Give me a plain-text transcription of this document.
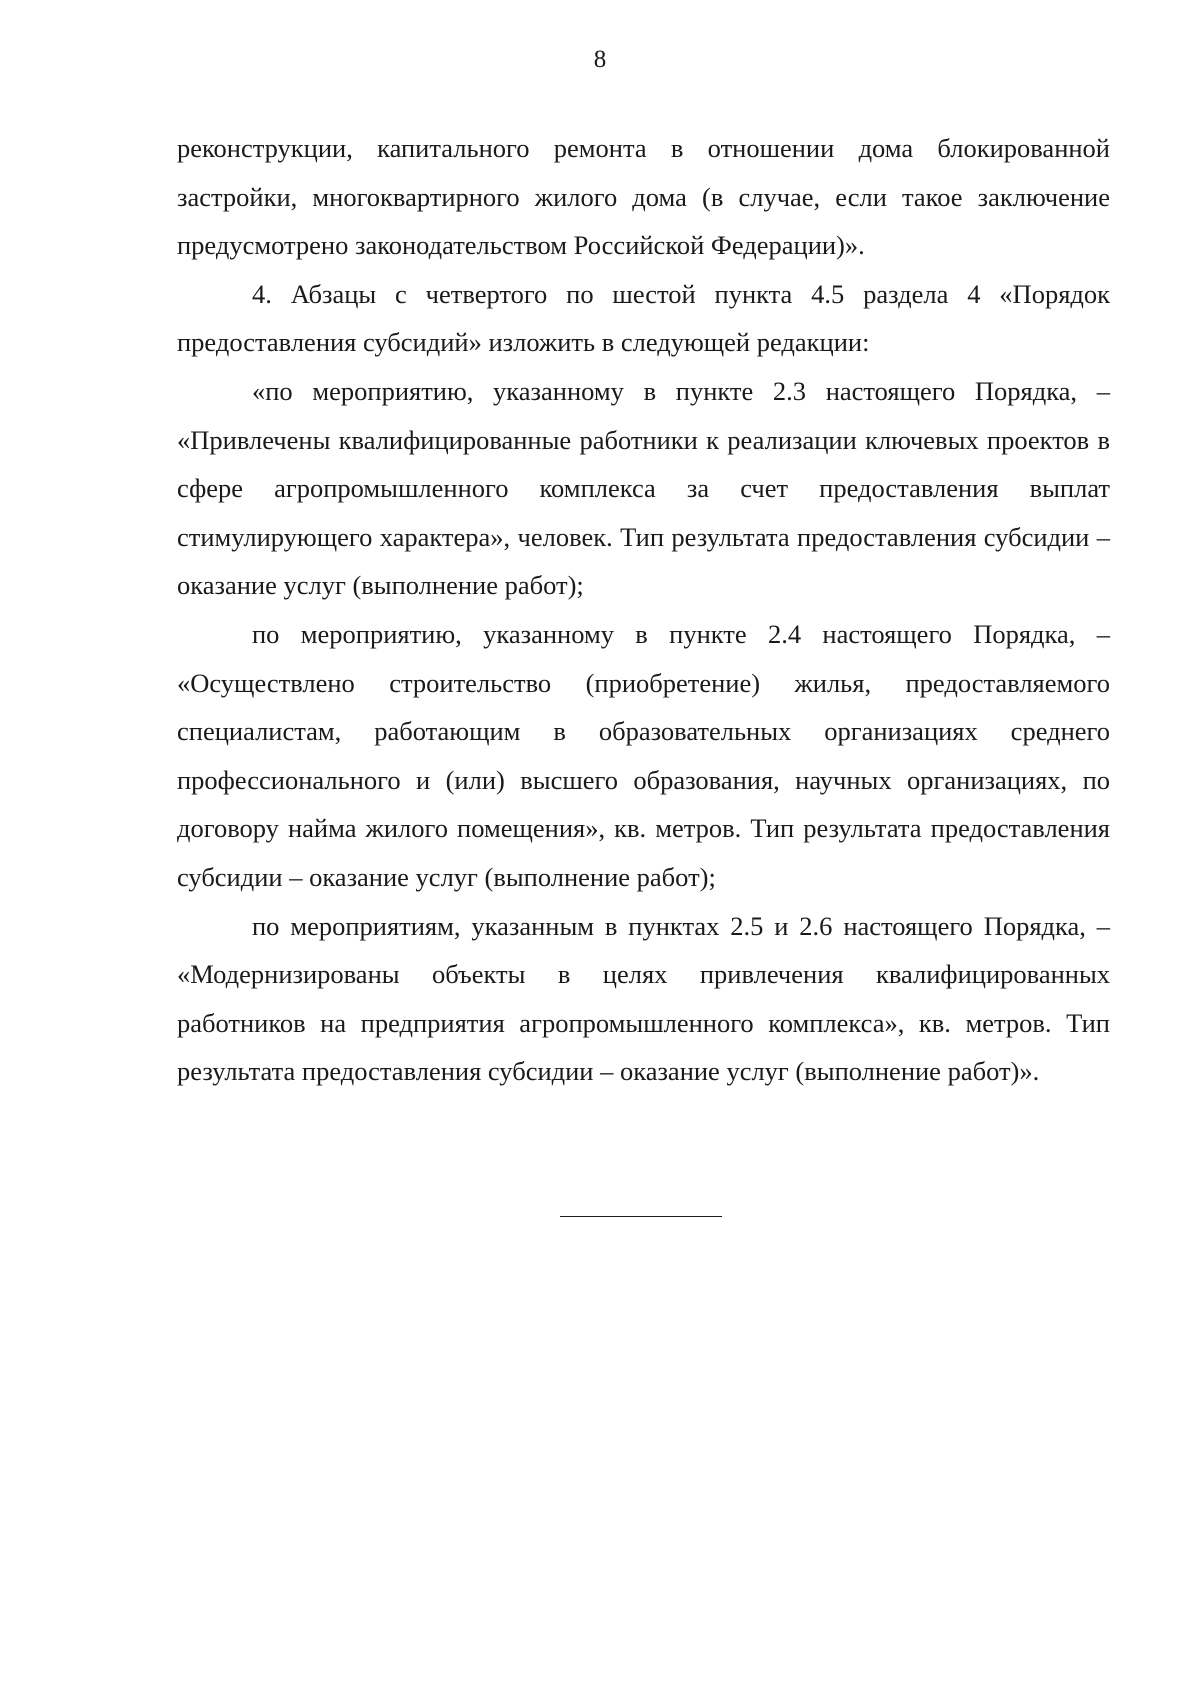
8

реконструкции, капитального ремонта в отношении дома блокированной застройки, многоквартирного жилого дома (в случае, если такое заключение предусмотрено законодательством Российской Федерации)».

4. Абзацы с четвертого по шестой пункта 4.5 раздела 4 «Порядок предоставления субсидий» изложить в следующей редакции:

«по мероприятию, указанному в пункте 2.3 настоящего Порядка, – «Привлечены квалифицированные работники к реализации ключевых проектов в сфере агропромышленного комплекса за счет предоставления выплат стимулирующего характера», человек. Тип результата предоставления субсидии – оказание услуг (выполнение работ);

по мероприятию, указанному в пункте 2.4 настоящего Порядка, – «Осуществлено строительство (приобретение) жилья, предоставляемого специалистам, работающим в образовательных организациях среднего профессионального и (или) высшего образования, научных организациях, по договору найма жилого помещения», кв. метров. Тип результата предоставления субсидии – оказание услуг (выполнение работ);

по мероприятиям, указанным в пунктах 2.5 и 2.6 настоящего Порядка, – «Модернизированы объекты в целях привлечения квалифицированных работников на предприятия агропромышленного комплекса», кв. метров. Тип результата предоставления субсидии – оказание услуг (выполнение работ)».
